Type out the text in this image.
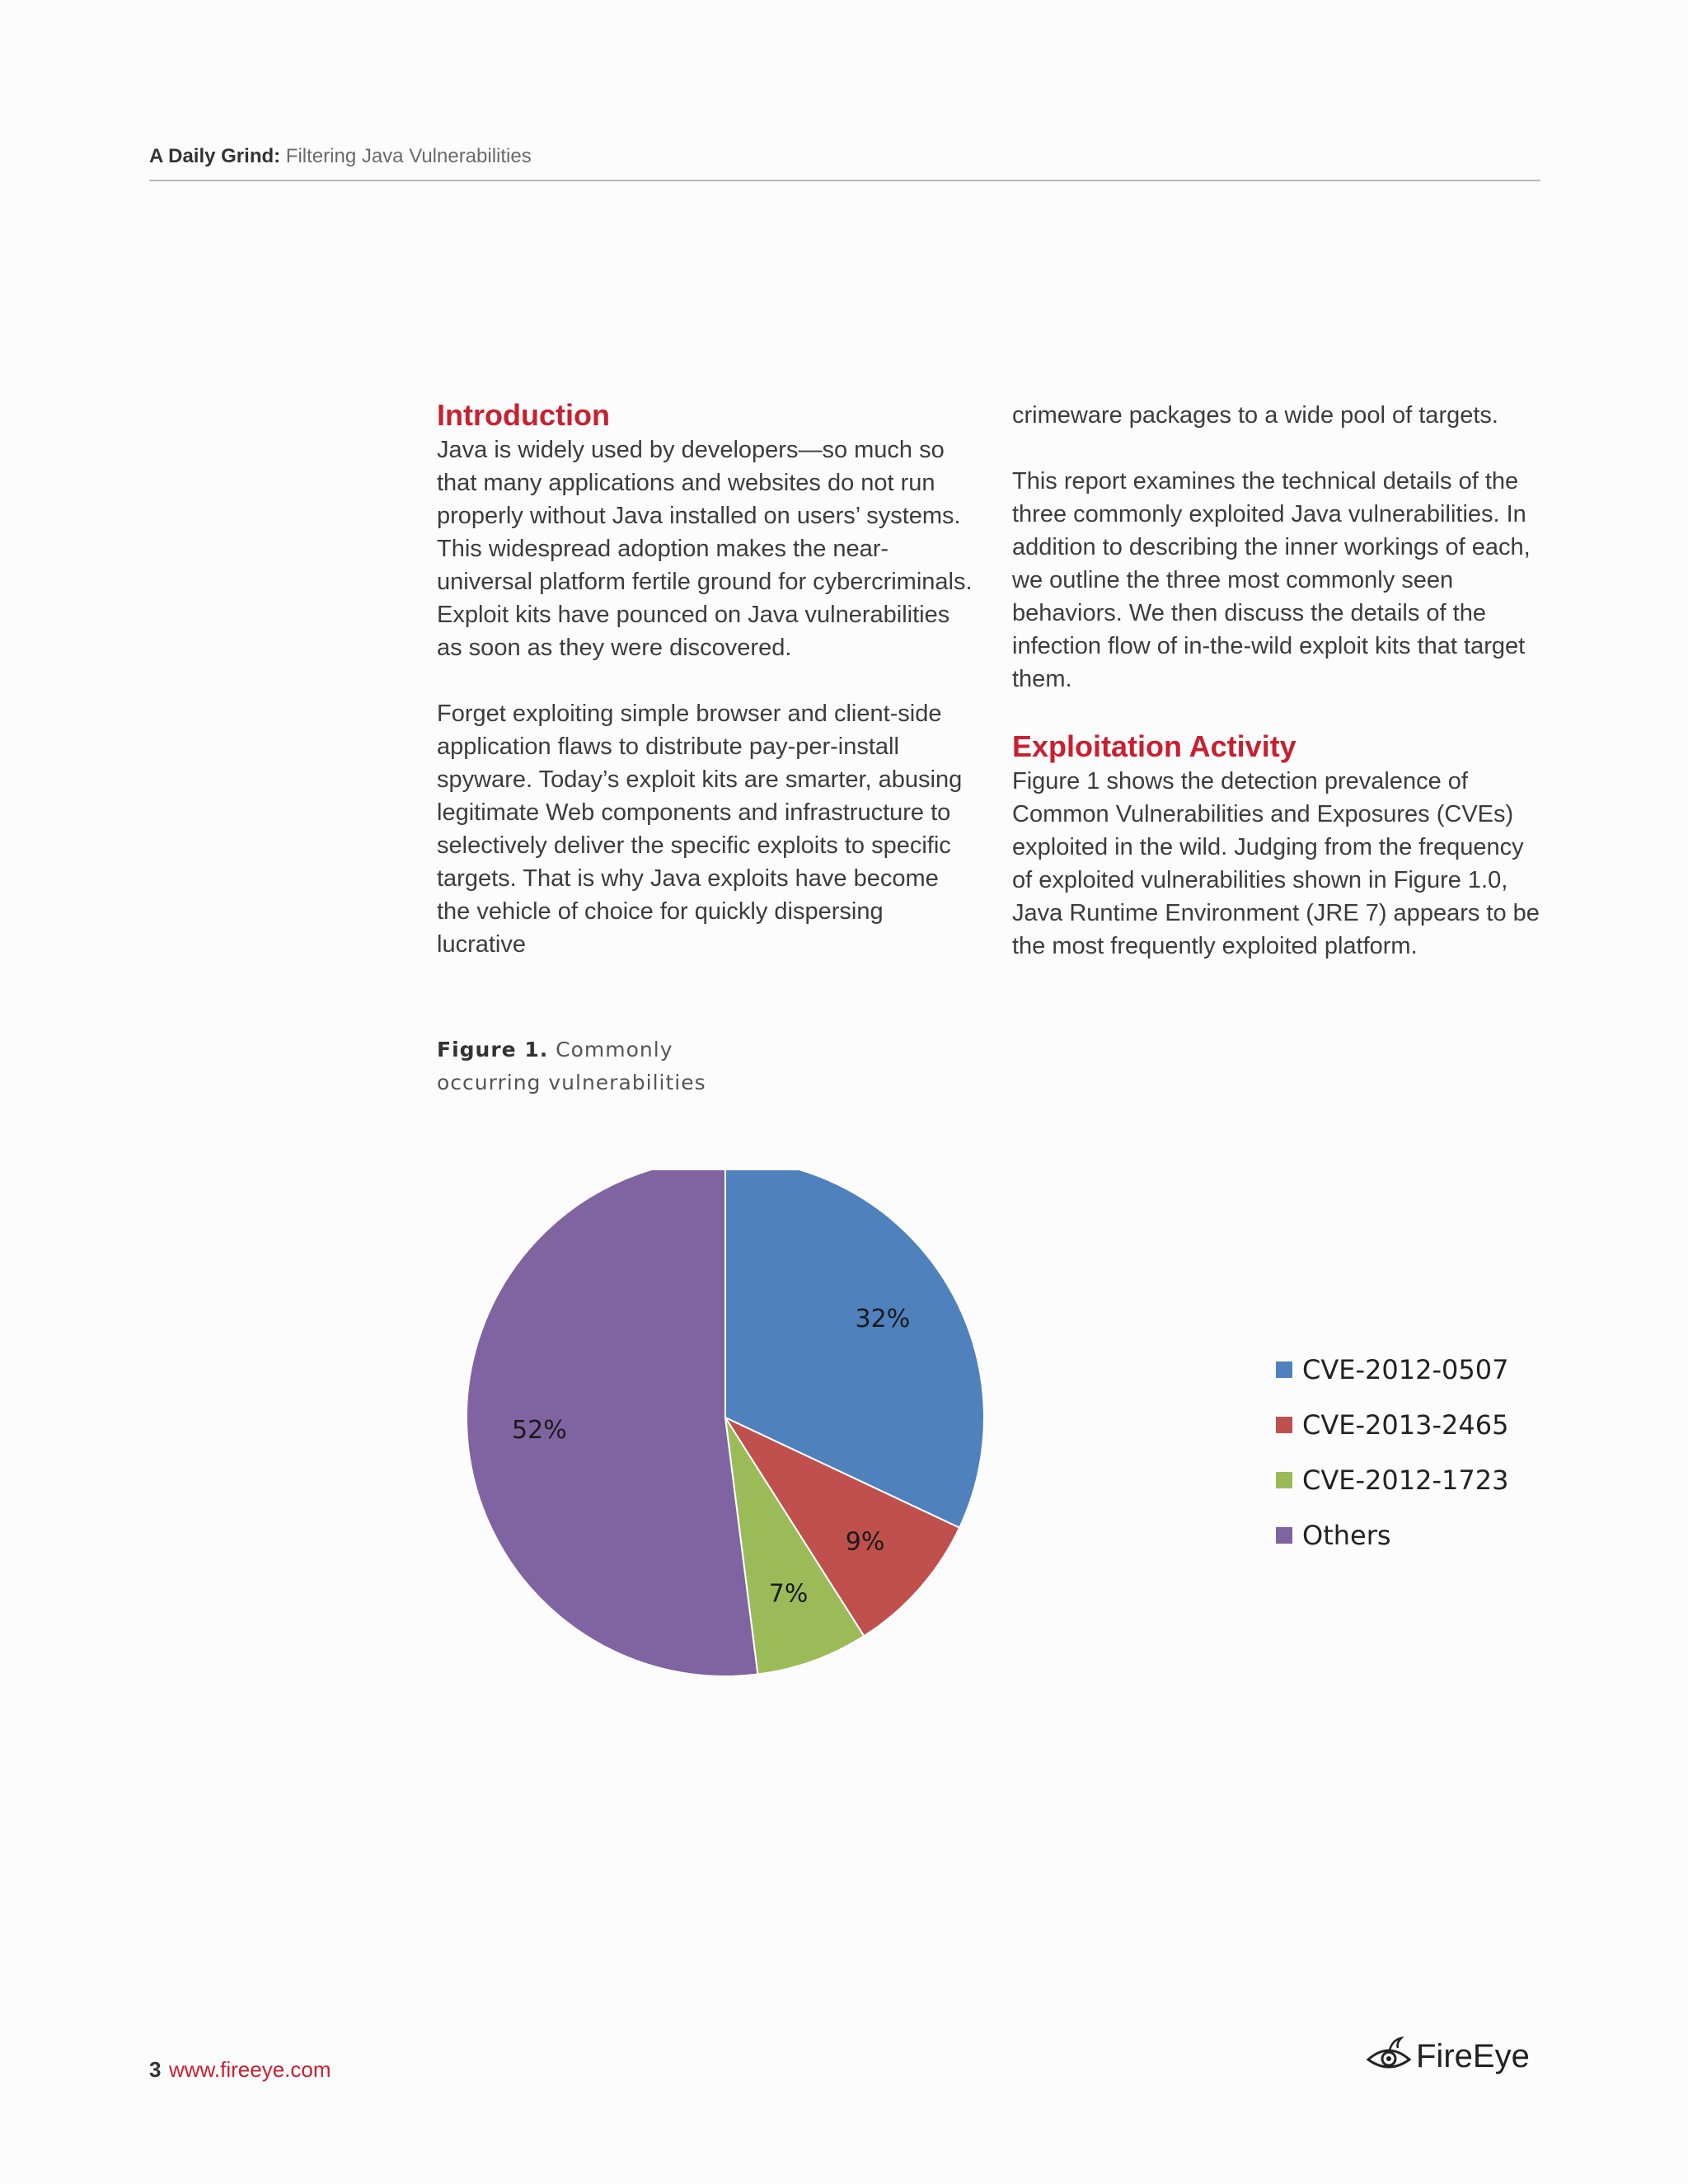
A Daily Grind: Filtering Java Vulnerabilities
Introduction

Java is widely used by developers—so much so that many applications and websites do not run properly without Java installed on users’ systems. This widespread adoption makes the near-universal platform fertile ground for cybercriminals. Exploit kits have pounced on Java vulnerabilities as soon as they were discovered.

Forget exploiting simple browser and client-side application flaws to distribute pay-per-install spyware. Today’s exploit kits are smarter, abusing legitimate Web components and infrastructure to selectively deliver the specific exploits to specific targets. That is why Java exploits have become the vehicle of choice for quickly dispersing lucrative

crimeware packages to a wide pool of targets.

This report examines the technical details of the three commonly exploited Java vulnerabilities. In addition to describing the inner workings of each, we outline the three most commonly seen behaviors. We then discuss the details of the infection flow of in-the-wild exploit kits that target them.

Exploitation Activity

Figure 1 shows the detection prevalence of Common Vulnerabilities and Exposures (CVEs) exploited in the wild. Judging from the frequency of exploited vulnerabilities shown in Figure 1.0, Java Runtime Environment (JRE 7) appears to be the most frequently exploited platform.

Figure 1. Commonly occurring vulnerabilities
32%
9%
7%
52%
CVE-2012-0507
CVE-2013-2465
CVE-2012-1723
Others
3 www.fireeye.com	FireEye
